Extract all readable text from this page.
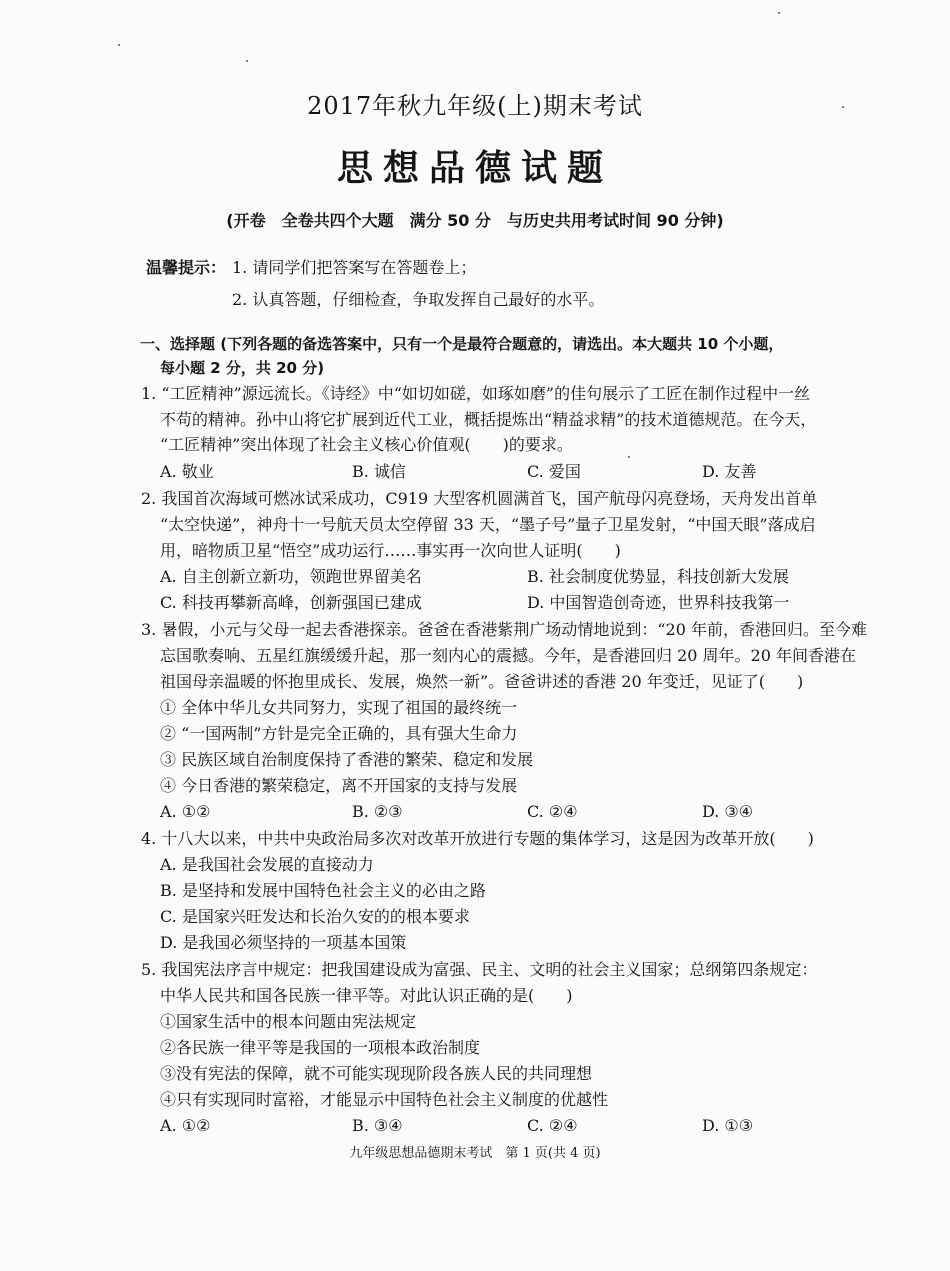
2017年秋九年级(上)期末考试
思想品德试题
(开卷　全卷共四个大题　满分 50 分　与历史共用考试时间 90 分钟)
温馨提示： 1. 请同学们把答案写在答题卷上；
2. 认真答题，仔细检查，争取发挥自己最好的水平。
一、选择题 (下列各题的备选答案中，只有一个是最符合题意的，请选出。本大题共 10 个小题，
每小题 2 分，共 20 分)
1. “工匠精神”源远流长。《诗经》中“如切如磋，如琢如磨”的佳句展示了工匠在制作过程中一丝
不苟的精神。孙中山将它扩展到近代工业，概括提炼出“精益求精”的技术道德规范。在今天，
“工匠精神”突出体现了社会主义核心价值观(　　)的要求。
A. 敬业	B. 诚信	C. 爱国	D. 友善
2. 我国首次海域可燃冰试采成功，C919 大型客机圆满首飞，国产航母闪亮登场，天舟发出首单
“太空快递”，神舟十一号航天员太空停留 33 天，“墨子号”量子卫星发射，“中国天眼”落成启
用，暗物质卫星“悟空”成功运行……事实再一次向世人证明(　　)
A. 自主创新立新功，领跑世界留美名	B. 社会制度优势显，科技创新大发展
C. 科技再攀新高峰，创新强国已建成	D. 中国智造创奇迹，世界科技我第一
3. 暑假，小元与父母一起去香港探亲。爸爸在香港紫荆广场动情地说到：“20 年前，香港回归。至今难
忘国歌奏响、五星红旗缓缓升起，那一刻内心的震撼。今年，是香港回归 20 周年。20 年间香港在
祖国母亲温暖的怀抱里成长、发展，焕然一新”。爸爸讲述的香港 20 年变迁，见证了(　　)
① 全体中华儿女共同努力，实现了祖国的最终统一
② “一国两制”方针是完全正确的，具有强大生命力
③ 民族区域自治制度保持了香港的繁荣、稳定和发展
④ 今日香港的繁荣稳定，离不开国家的支持与发展
A. ①②	B. ②③	C. ②④	D. ③④
4. 十八大以来，中共中央政治局多次对改革开放进行专题的集体学习，这是因为改革开放(　　)
A. 是我国社会发展的直接动力
B. 是坚持和发展中国特色社会主义的必由之路
C. 是国家兴旺发达和长治久安的的根本要求
D. 是我国必须坚持的一项基本国策
5. 我国宪法序言中规定：把我国建设成为富强、民主、文明的社会主义国家；总纲第四条规定：
中华人民共和国各民族一律平等。对此认识正确的是(　　)
①国家生活中的根本问题由宪法规定
②各民族一律平等是我国的一项根本政治制度
③没有宪法的保障，就不可能实现现阶段各族人民的共同理想
④只有实现同时富裕，才能显示中国特色社会主义制度的优越性
A. ①②	B. ③④	C. ②④	D. ①③
九年级思想品德期末考试　第 1 页(共 4 页)
